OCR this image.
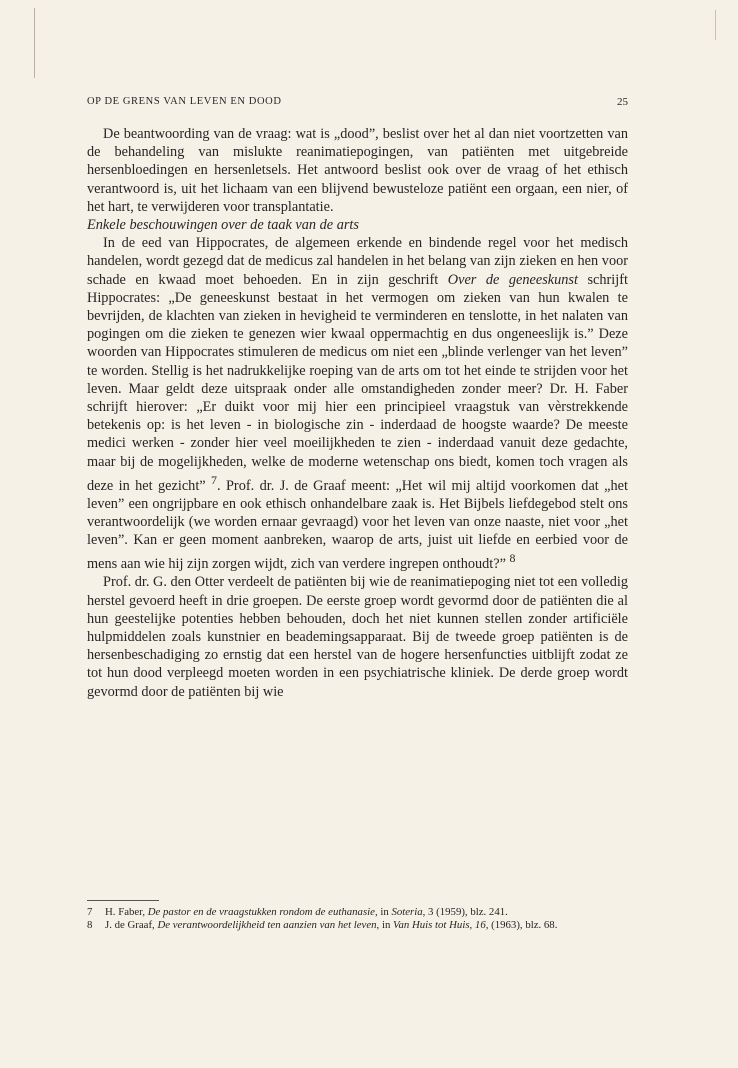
OP DE GRENS VAN LEVEN EN DOOD	25

De beantwoording van de vraag: wat is „dood”, beslist over het al dan niet voortzetten van de behandeling van mislukte reanimatiepogingen, van patiënten met uitgebreide hersenbloedingen en hersenletsels. Het antwoord beslist ook over de vraag of het ethisch verantwoord is, uit het lichaam van een blijvend bewusteloze patiënt een orgaan, een nier, of het hart, te verwijderen voor transplantatie.

Enkele beschouwingen over de taak van de arts

In de eed van Hippocrates, de algemeen erkende en bindende regel voor het medisch handelen, wordt gezegd dat de medicus zal handelen in het belang van zijn zieken en hen voor schade en kwaad moet behoeden. En in zijn geschrift Over de geneeskunst schrijft Hippocrates: „De geneeskunst bestaat in het vermogen om zieken van hun kwalen te bevrijden, de klachten van zieken in hevigheid te verminderen en tenslotte, in het nalaten van pogingen om die zieken te genezen wier kwaal oppermachtig en dus ongeneeslijk is.” Deze woorden van Hippocrates stimuleren de medicus om niet een „blinde verlenger van het leven” te worden. Stellig is het nadrukkelijke roeping van de arts om tot het einde te strijden voor het leven. Maar geldt deze uitspraak onder alle omstandigheden zonder meer? Dr. H. Faber schrijft hierover: „Er duikt voor mij hier een principieel vraagstuk van vèrstrekkende betekenis op: is het leven - in biologische zin - inderdaad de hoogste waarde? De meeste medici werken - zonder hier veel moeilijkheden te zien - inderdaad vanuit deze gedachte, maar bij de mogelijkheden, welke de moderne wetenschap ons biedt, komen toch vragen als deze in het gezicht” $^7$. Prof. dr. J. de Graaf meent: „Het wil mij altijd voorkomen dat „het leven” een ongrijpbare en ook ethisch onhandelbare zaak is. Het Bijbels liefdegebod stelt ons verantwoordelijk (we worden ernaar gevraagd) voor het leven van onze naaste, niet voor „het leven”. Kan er geen moment aanbreken, waarop de arts, juist uit liefde en eerbied voor de mens aan wie hij zijn zorgen wijdt, zich van verdere ingrepen onthoudt?” $^8$

Prof. dr. G. den Otter verdeelt de patiënten bij wie de reanimatiepoging niet tot een volledig herstel gevoerd heeft in drie groepen. De eerste groep wordt gevormd door de patiënten die al hun geestelijke potenties hebben behouden, doch het niet kunnen stellen zonder artificiële hulpmiddelen zoals kunstnier en beademingsapparaat. Bij de tweede groep patiënten is de hersenbeschadiging zo ernstig dat een herstel van de hogere hersenfuncties uitblijft zodat ze tot hun dood verpleegd moeten worden in een psychiatrische kliniek. De derde groep wordt gevormd door de patiënten bij wie

7	H. Faber, De pastor en de vraagstukken rondom de euthanasie, in Soteria, 3 (1959), blz. 241.
8	J. de Graaf, De verantwoordelijkheid ten aanzien van het leven, in Van Huis tot Huis, 16, (1963), blz. 68.
